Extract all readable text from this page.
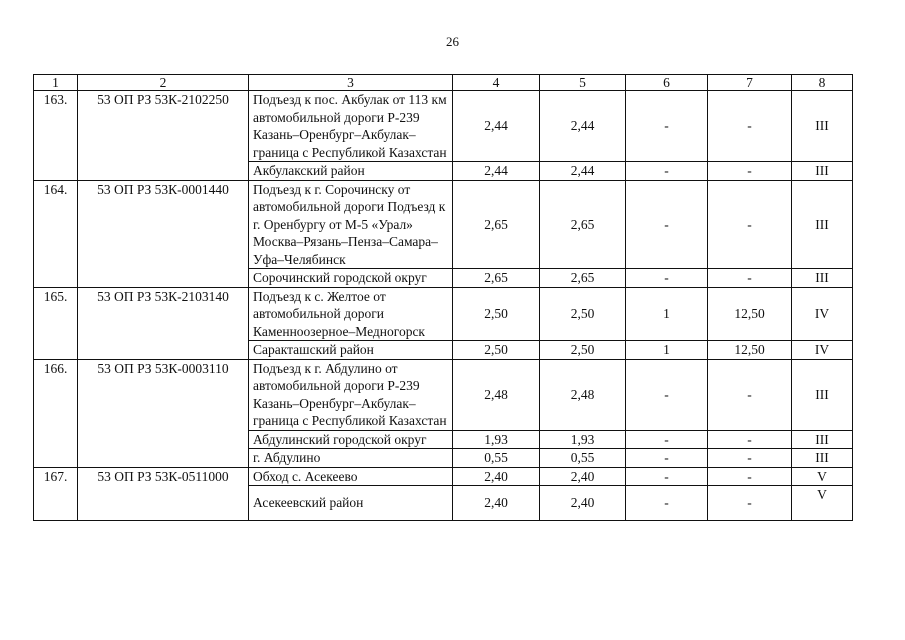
26
1	2	3	4	5	6	7	8
163.	53 ОП РЗ 53К-2102250	Подъезд к пос. Акбулак от 113 км автомобильной дороги Р-239 Казань–Оренбург–Акбулак–граница с Республикой Казахстан	2,44	2,44	-	-	III
		Акбулакский район	2,44	2,44	-	-	III
164.	53 ОП РЗ 53К-0001440	Подъезд к г. Сорочинску от автомобильной дороги Подъезд к г. Оренбургу от М-5 «Урал» Москва–Рязань–Пенза–Самара–Уфа–Челябинск	2,65	2,65	-	-	III
		Сорочинский городской округ	2,65	2,65	-	-	III
165.	53 ОП РЗ 53К-2103140	Подъезд к с. Желтое от автомобильной дороги Каменноозерное–Медногорск	2,50	2,50	1	12,50	IV
		Саракташский район	2,50	2,50	1	12,50	IV
166.	53 ОП РЗ 53К-0003110	Подъезд к г. Абдулино от автомобильной дороги Р-239 Казань–Оренбург–Акбулак–граница с Республикой Казахстан	2,48	2,48	-	-	III
		Абдулинский городской округ	1,93	1,93	-	-	III
		г. Абдулино	0,55	0,55	-	-	III
167.	53 ОП РЗ 53К-0511000	Обход с. Асекеево	2,40	2,40	-	-	V
		Асекеевский район	2,40	2,40	-	-	V
